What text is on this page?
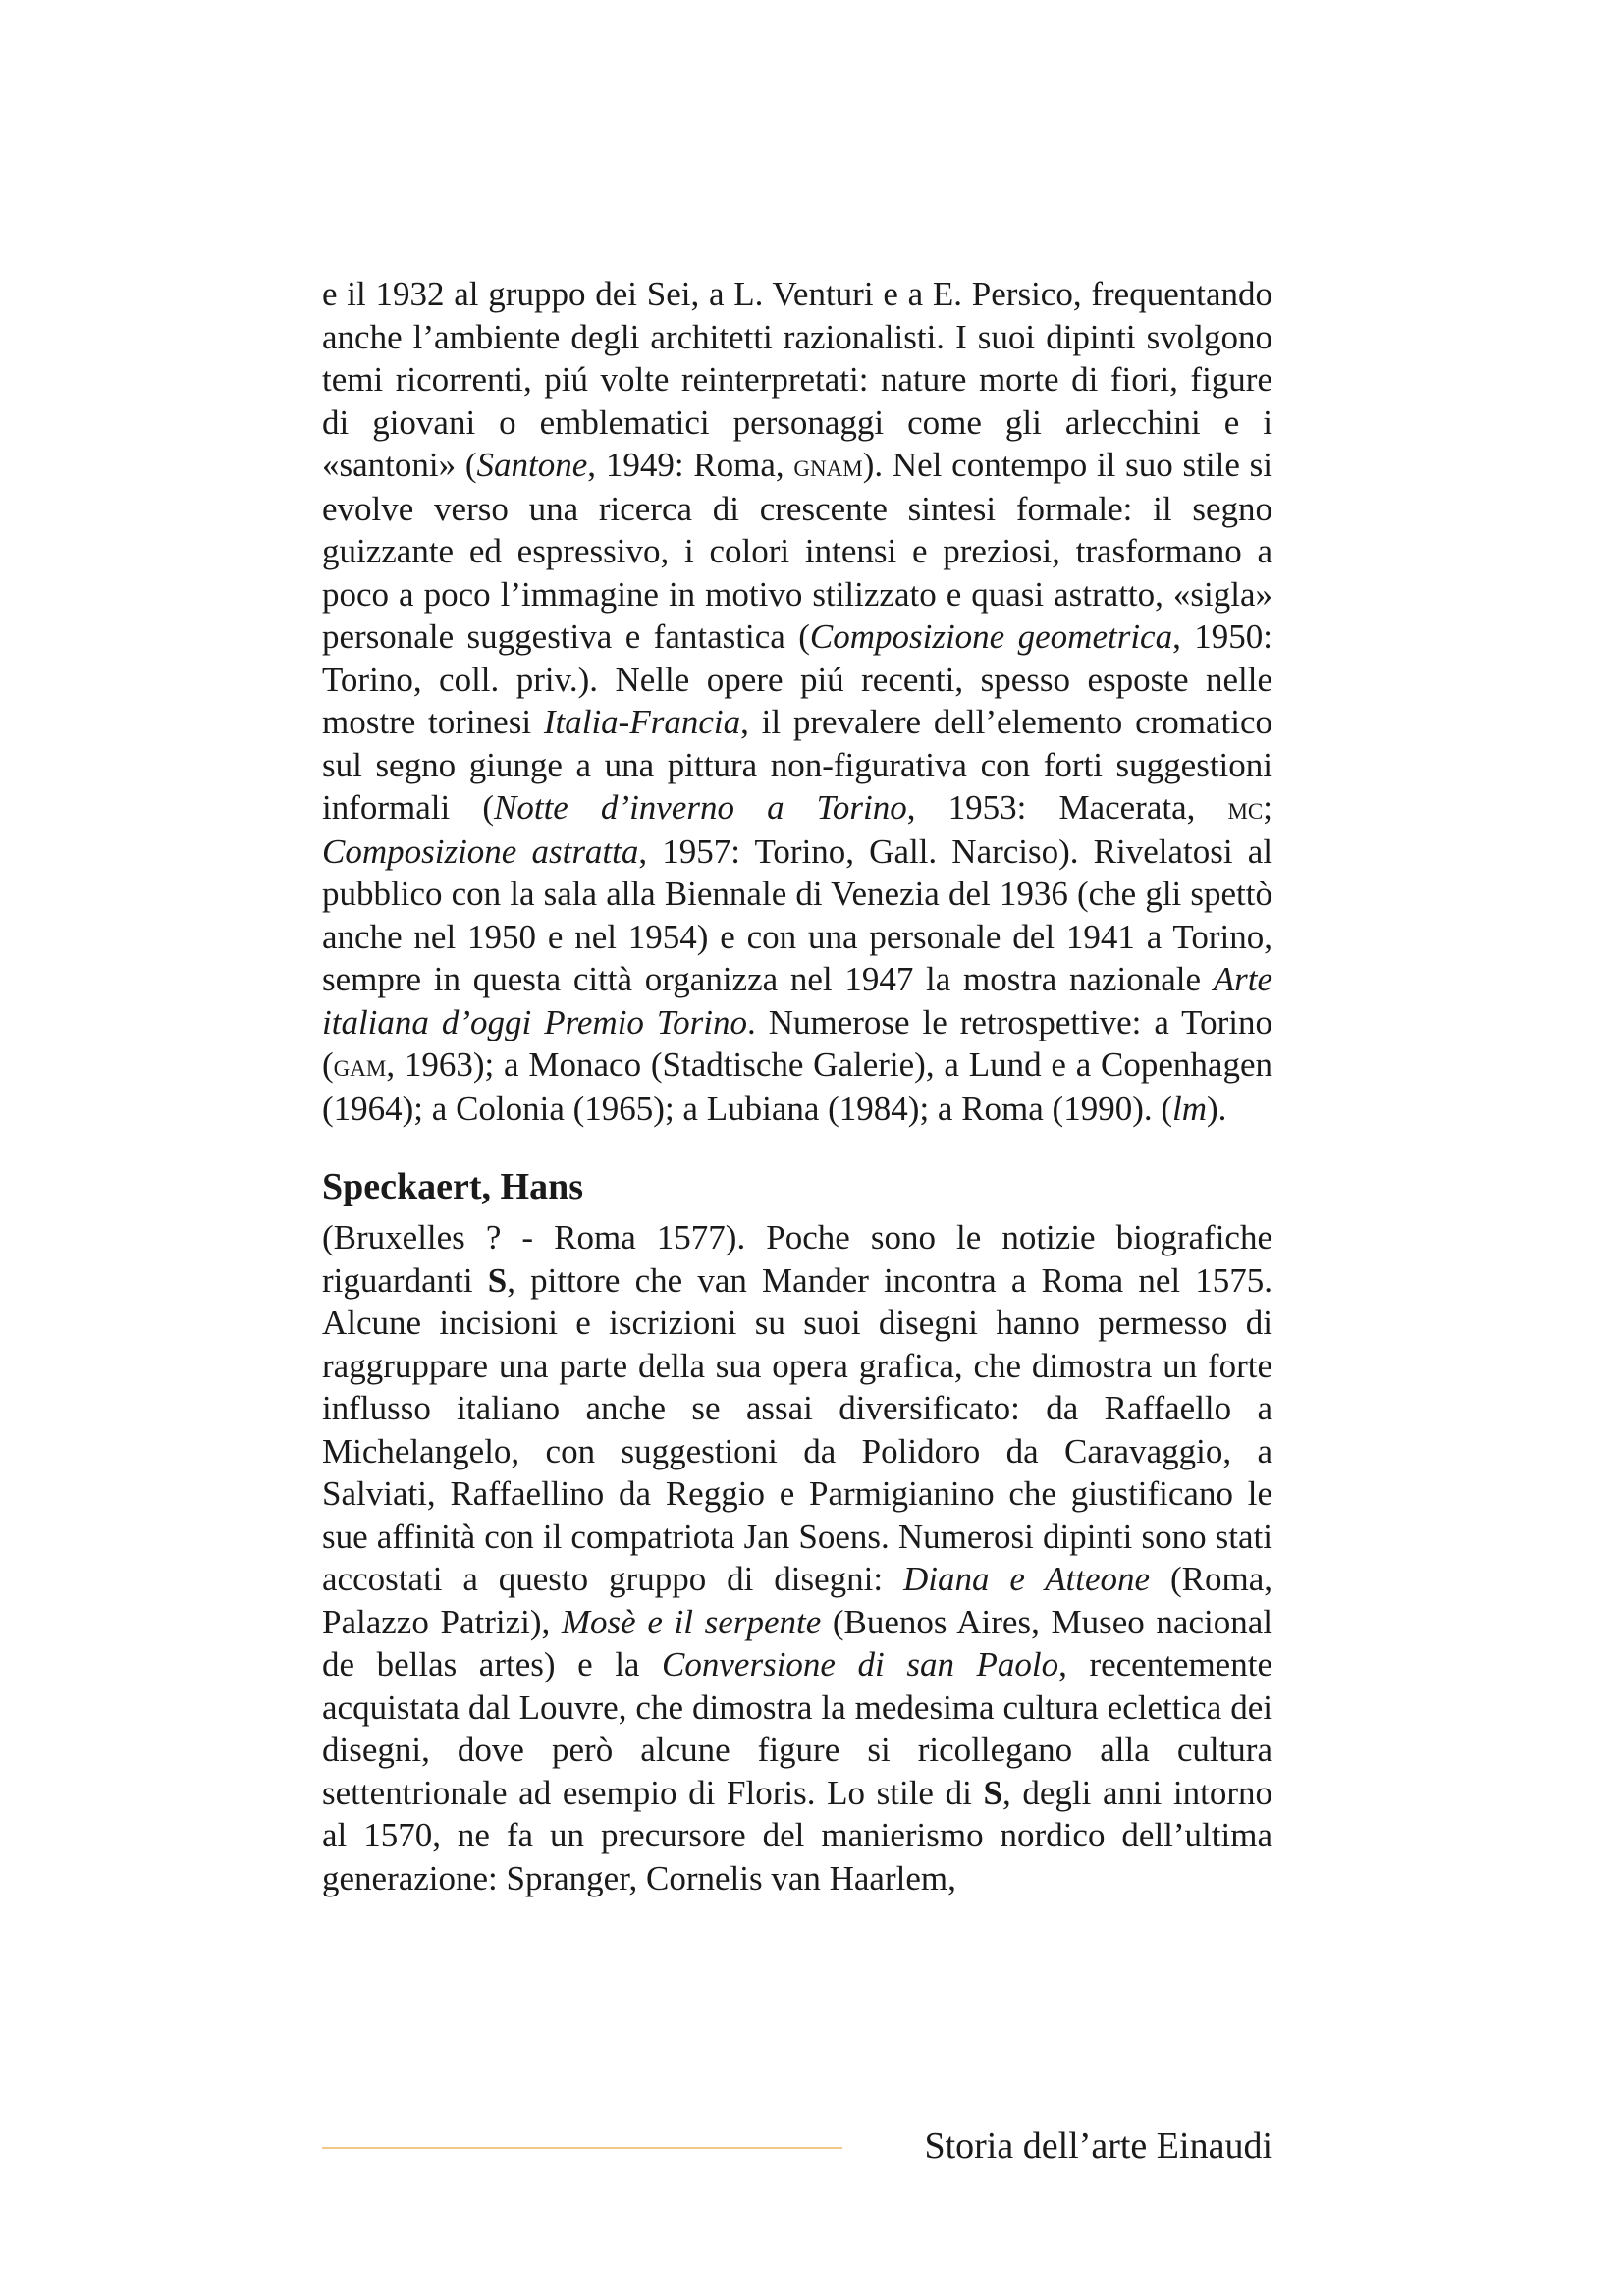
e il 1932 al gruppo dei Sei, a L. Venturi e a E. Persico, frequentando anche l’ambiente degli architetti razionalisti. I suoi dipinti svolgono temi ricorrenti, piú volte reinterpretati: nature morte di fiori, figure di giovani o emblematici personaggi come gli arlecchini e i «santoni» (Santone, 1949: Roma, gnam). Nel contempo il suo stile si evolve verso una ricerca di crescente sintesi formale: il segno guizzante ed espressivo, i colori intensi e preziosi, trasformano a poco a poco l’immagine in motivo stilizzato e quasi astratto, «sigla» personale suggestiva e fantastica (Composizione geometrica, 1950: Torino, coll. priv.). Nelle opere piú recenti, spesso esposte nelle mostre torinesi Italia-Francia, il prevalere dell’elemento cromatico sul segno giunge a una pittura non-figurativa con forti suggestioni informali (Notte d’inverno a Torino, 1953: Macerata, mc; Composizione astratta, 1957: Torino, Gall. Narciso). Rivelatosi al pubblico con la sala alla Biennale di Venezia del 1936 (che gli spettò anche nel 1950 e nel 1954) e con una personale del 1941 a Torino, sempre in questa città organizza nel 1947 la mostra nazionale Arte italiana d’oggi Premio Torino. Numerose le retrospettive: a Torino (gam, 1963); a Monaco (Stadtische Galerie), a Lund e a Copenhagen (1964); a Colonia (1965); a Lubiana (1984); a Roma (1990). (lm).

Speckaert, Hans

(Bruxelles ? - Roma 1577). Poche sono le notizie biografiche riguardanti S, pittore che van Mander incontra a Roma nel 1575. Alcune incisioni e iscrizioni su suoi disegni hanno permesso di raggruppare una parte della sua opera grafica, che dimostra un forte influsso italiano anche se assai diversificato: da Raffaello a Michelangelo, con suggestioni da Polidoro da Caravaggio, a Salviati, Raffaellino da Reggio e Parmigianino che giustificano le sue affinità con il compatriota Jan Soens. Numerosi dipinti sono stati accostati a questo gruppo di disegni: Diana e Atteone (Roma, Palazzo Patrizi), Mosè e il serpente (Buenos Aires, Museo nacional de bellas artes) e la Conversione di san Paolo, recentemente acquistata dal Louvre, che dimostra la medesima cultura eclettica dei disegni, dove però alcune figure si ricollegano alla cultura settentrionale ad esempio di Floris. Lo stile di S, degli anni intorno al 1570, ne fa un precursore del manierismo nordico dell’ultima generazione: Spranger, Cornelis van Haarlem,

Storia dell’arte Einaudi
